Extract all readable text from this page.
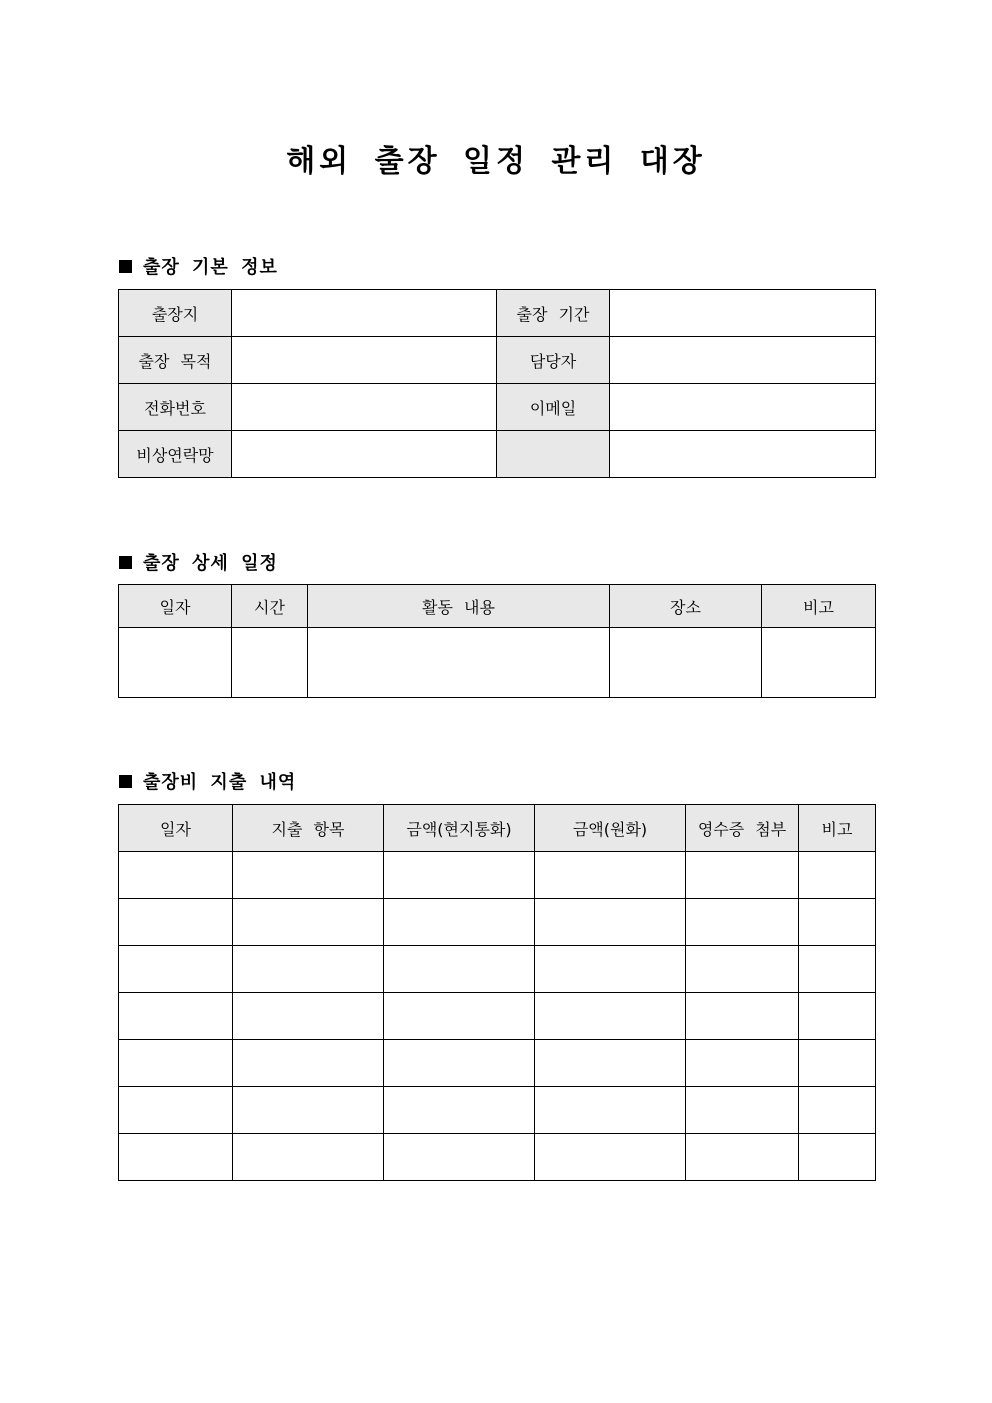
해외 출장 일정 관리 대장
출장 기본 정보
출장지		출장 기간	
출장 목적		담당자	
전화번호		이메일	
비상연락망			
출장 상세 일정
일자	시간	활동 내용	장소	비고

출장비 지출 내역
일자	지출 항목	금액(현지통화)	금액(원화)	영수증 첨부	비고
